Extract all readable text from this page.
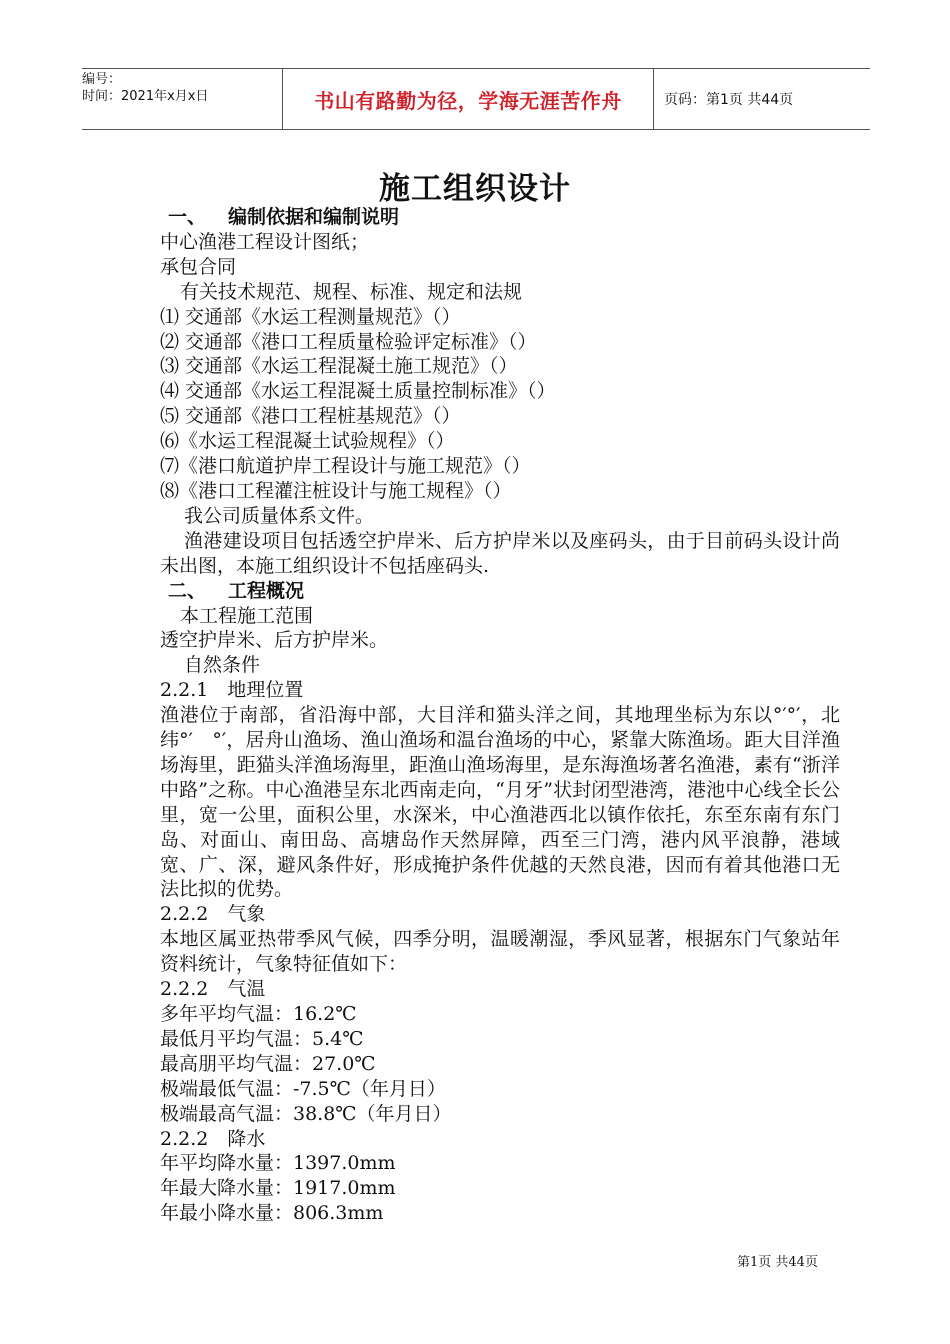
编号：
时间：2021年x月x日	书山有路勤为径，学海无涯苦作舟	页码：第1页 共44页
施工组织设计
一、 编制依据和编制说明
中心渔港工程设计图纸；
承包合同
有关技术规范、规程、标准、规定和法规
⑴ 交通部《水运工程测量规范》（）
⑵ 交通部《港口工程质量检验评定标准》（）
⑶ 交通部《水运工程混凝土施工规范》（）
⑷ 交通部《水运工程混凝土质量控制标准》（）
⑸ 交通部《港口工程桩基规范》（）
⑹《水运工程混凝土试验规程》（）
⑺《港口航道护岸工程设计与施工规范》（）
⑻《港口工程灌注桩设计与施工规程》（）
我公司质量体系文件。
渔港建设项目包括透空护岸米、后方护岸米以及座码头，由于目前码头设计尚未出图，本施工组织设计不包括座码头.
二、 工程概况
本工程施工范围
透空护岸米、后方护岸米。
自然条件
2.2.1　地理位置
渔港位于南部，省沿海中部，大目洋和猫头洋之间，其地理坐标为东以°′°′，北纬°′　°′，居舟山渔场、渔山渔场和温台渔场的中心，紧靠大陈渔场。距大目洋渔场海里，距猫头洋渔场海里，距渔山渔场海里，是东海渔场著名渔港，素有“浙洋中路”之称。中心渔港呈东北西南走向，“月牙”状封闭型港湾，港池中心线全长公里，宽一公里，面积公里，水深米，中心渔港西北以镇作依托，东至东南有东门岛、对面山、南田岛、高塘岛作天然屏障，西至三门湾，港内风平浪静，港域宽、广、深，避风条件好，形成掩护条件优越的天然良港，因而有着其他港口无法比拟的优势。
2.2.2　气象
本地区属亚热带季风气候，四季分明，温暖潮湿，季风显著，根据东门气象站年资料统计，气象特征值如下：
2.2.2　气温
多年平均气温：16.2℃
最低月平均气温：5.4℃
最高朋平均气温：27.0℃
极端最低气温：-7.5℃（年月日）
极端最高气温：38.8℃（年月日）
2.2.2　降水
年平均降水量：1397.0mm
年最大降水量：1917.0mm
年最小降水量：806.3mm
第1页 共44页
